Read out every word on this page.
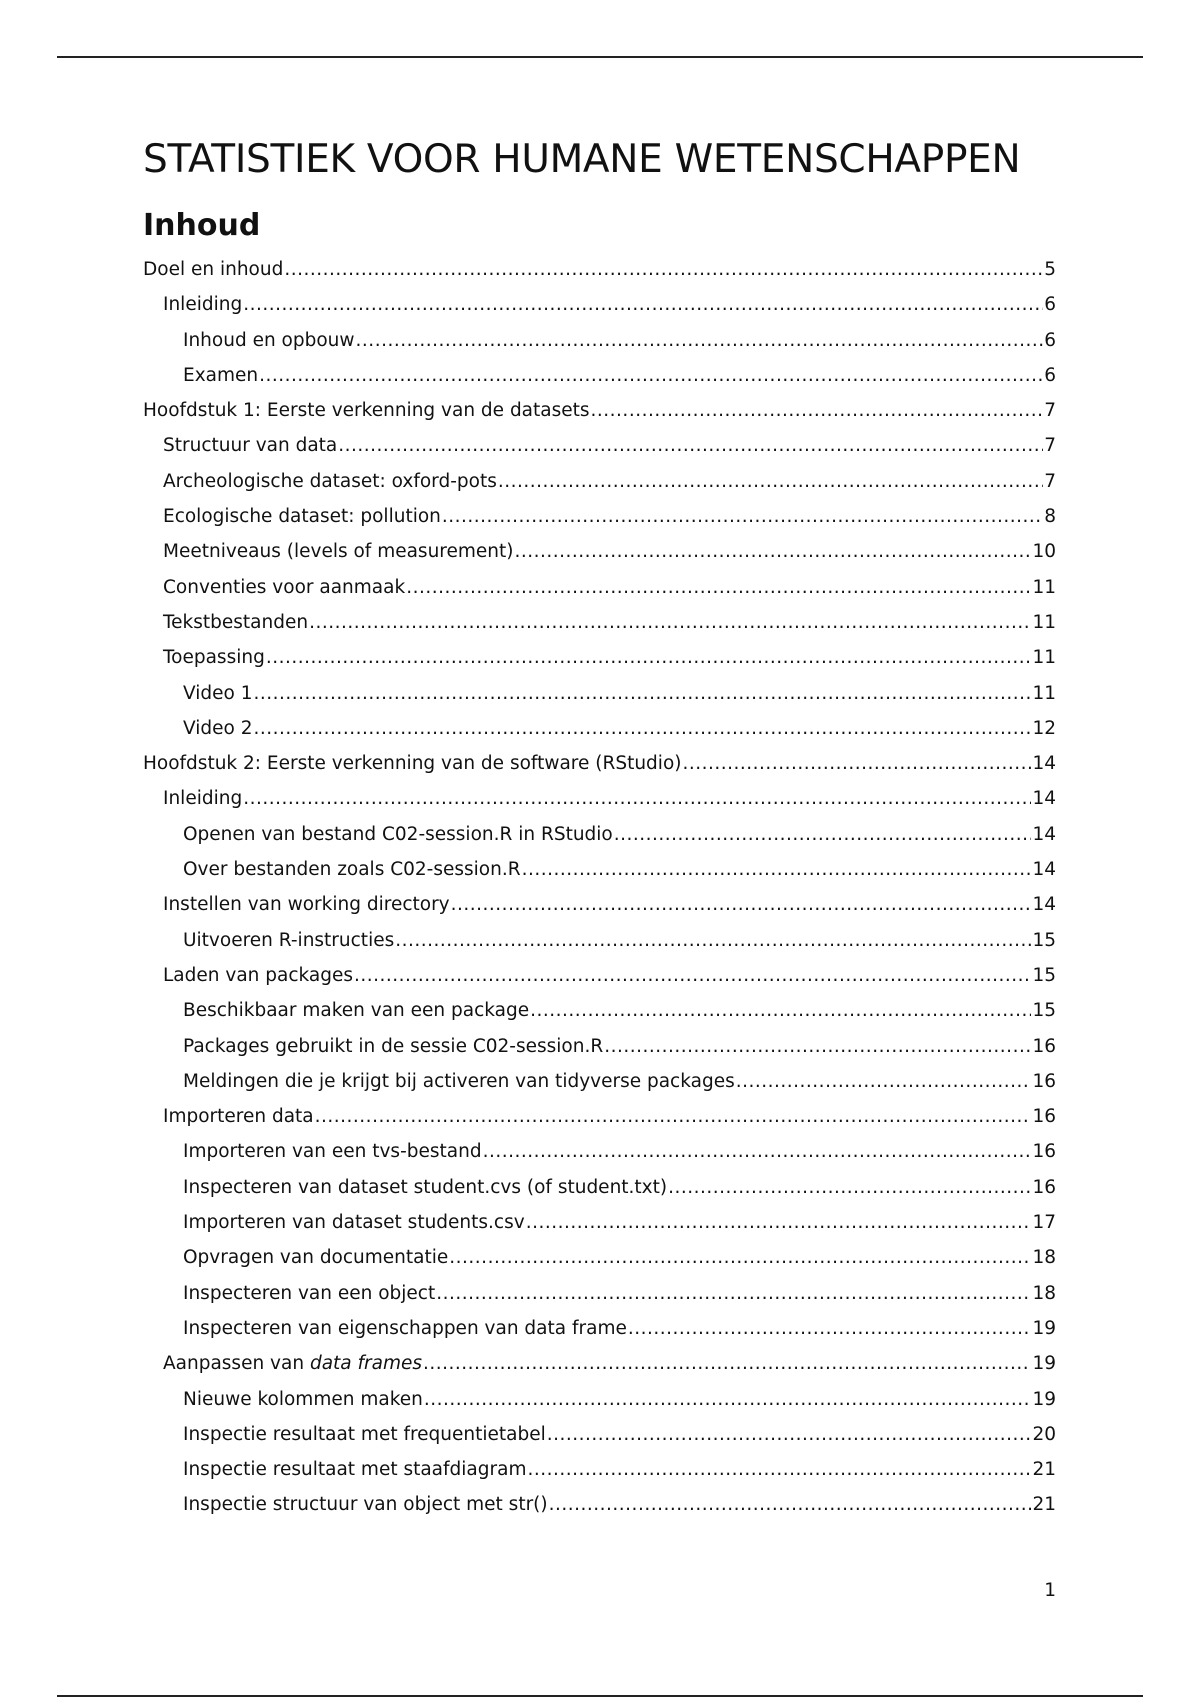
STATISTIEK VOOR HUMANE WETENSCHAPPEN
Inhoud
Doel en inhoud .....	5
Inleiding .....	6
Inhoud en opbouw .....	6
Examen .....	6
Hoofdstuk 1: Eerste verkenning van de datasets .....	7
Structuur van data .....	7
Archeologische dataset: oxford-pots .....	7
Ecologische dataset: pollution .....	8
Meetniveaus (levels of measurement) .....	10
Conventies voor aanmaak .....	11
Tekstbestanden .....	11
Toepassing .....	11
Video 1 .....	11
Video 2 .....	12
Hoofdstuk 2: Eerste verkenning van de software (RStudio) .....	14
Inleiding .....	14
Openen van bestand C02-session.R in RStudio .....	14
Over bestanden zoals C02-session.R .....	14
Instellen van working directory .....	14
Uitvoeren R-instructies .....	15
Laden van packages .....	15
Beschikbaar maken van een package .....	15
Packages gebruikt in de sessie C02-session.R .....	16
Meldingen die je krijgt bij activeren van tidyverse packages .....	16
Importeren data .....	16
Importeren van een tvs-bestand .....	16
Inspecteren van dataset student.cvs (of student.txt) .....	16
Importeren van dataset students.csv .....	17
Opvragen van documentatie .....	18
Inspecteren van een object .....	18
Inspecteren van eigenschappen van data frame .....	19
Aanpassen van data frames .....	19
Nieuwe kolommen maken .....	19
Inspectie resultaat met frequentietabel .....	20
Inspectie resultaat met staafdiagram .....	21
Inspectie structuur van object met str() .....	21
1
